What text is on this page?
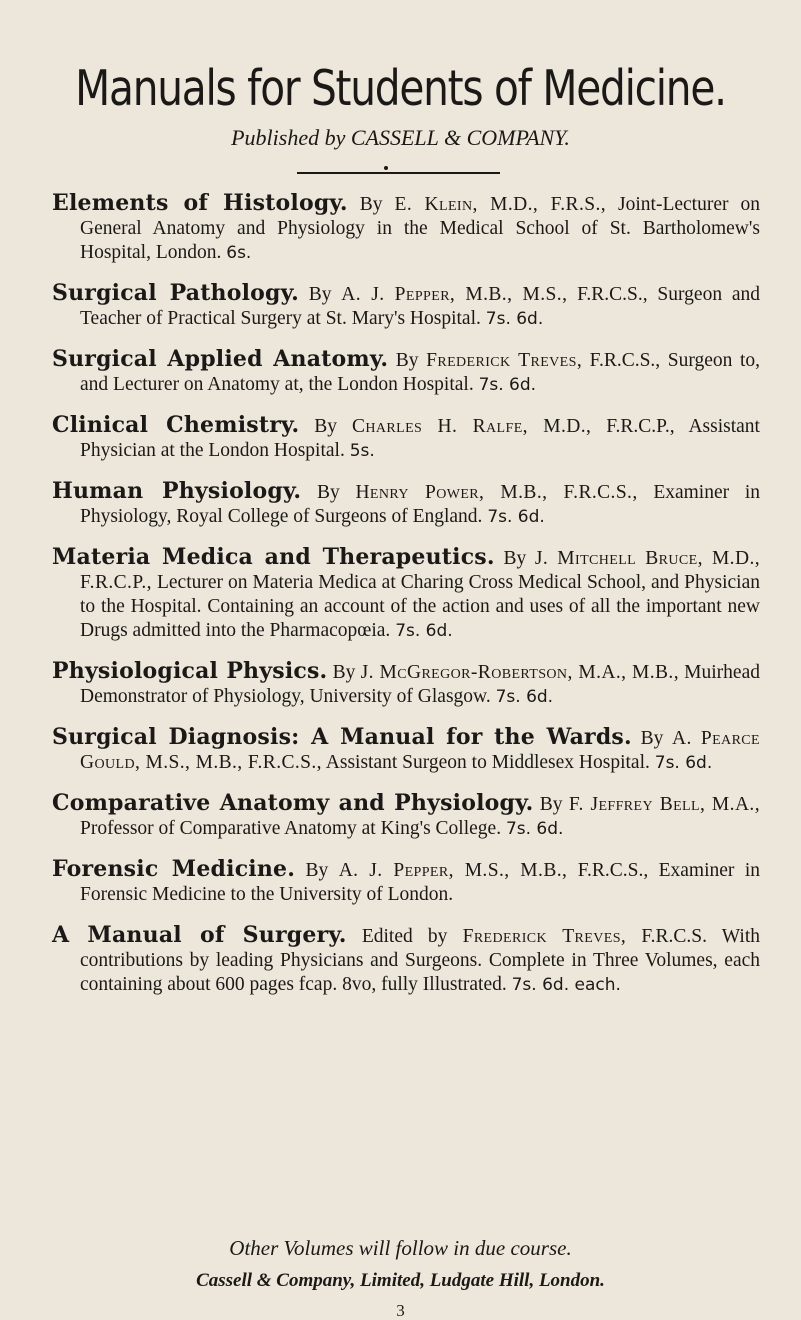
Manuals for Students of Medicine.

Published by CASSELL & COMPANY.

Elements of Histology. By E. Klein, M.D., F.R.S., Joint-Lecturer on General Anatomy and Physiology in the Medical School of St. Bartholomew's Hospital, London. 6s.
Surgical Pathology. By A. J. Pepper, M.B., M.S., F.R.C.S., Surgeon and Teacher of Practical Surgery at St. Mary's Hospital. 7s. 6d.
Surgical Applied Anatomy. By Frederick Treves, F.R.C.S., Surgeon to, and Lecturer on Anatomy at, the London Hospital. 7s. 6d.
Clinical Chemistry. By Charles H. Ralfe, M.D., F.R.C.P., Assistant Physician at the London Hospital. 5s.
Human Physiology. By Henry Power, M.B., F.R.C.S., Examiner in Physiology, Royal College of Surgeons of England. 7s. 6d.
Materia Medica and Therapeutics. By J. Mitchell Bruce, M.D., F.R.C.P., Lecturer on Materia Medica at Charing Cross Medical School, and Physician to the Hospital. Containing an account of the action and uses of all the important new Drugs admitted into the Pharmacopœia. 7s. 6d.
Physiological Physics. By J. McGregor-Robertson, M.A., M.B., Muirhead Demonstrator of Physiology, University of Glasgow. 7s. 6d.
Surgical Diagnosis: A Manual for the Wards. By A. Pearce Gould, M.S., M.B., F.R.C.S., Assistant Surgeon to Middlesex Hospital. 7s. 6d.
Comparative Anatomy and Physiology. By F. Jeffrey Bell, M.A., Professor of Comparative Anatomy at King's College. 7s. 6d.
Forensic Medicine. By A. J. Pepper, M.S., M.B., F.R.C.S., Examiner in Forensic Medicine to the University of London.
A Manual of Surgery. Edited by Frederick Treves, F.R.C.S. With contributions by leading Physicians and Surgeons. Complete in Three Volumes, each containing about 600 pages fcap. 8vo, fully Illustrated. 7s. 6d. each.

Other Volumes will follow in due course.

Cassell & Company, Limited, Ludgate Hill, London.

3
